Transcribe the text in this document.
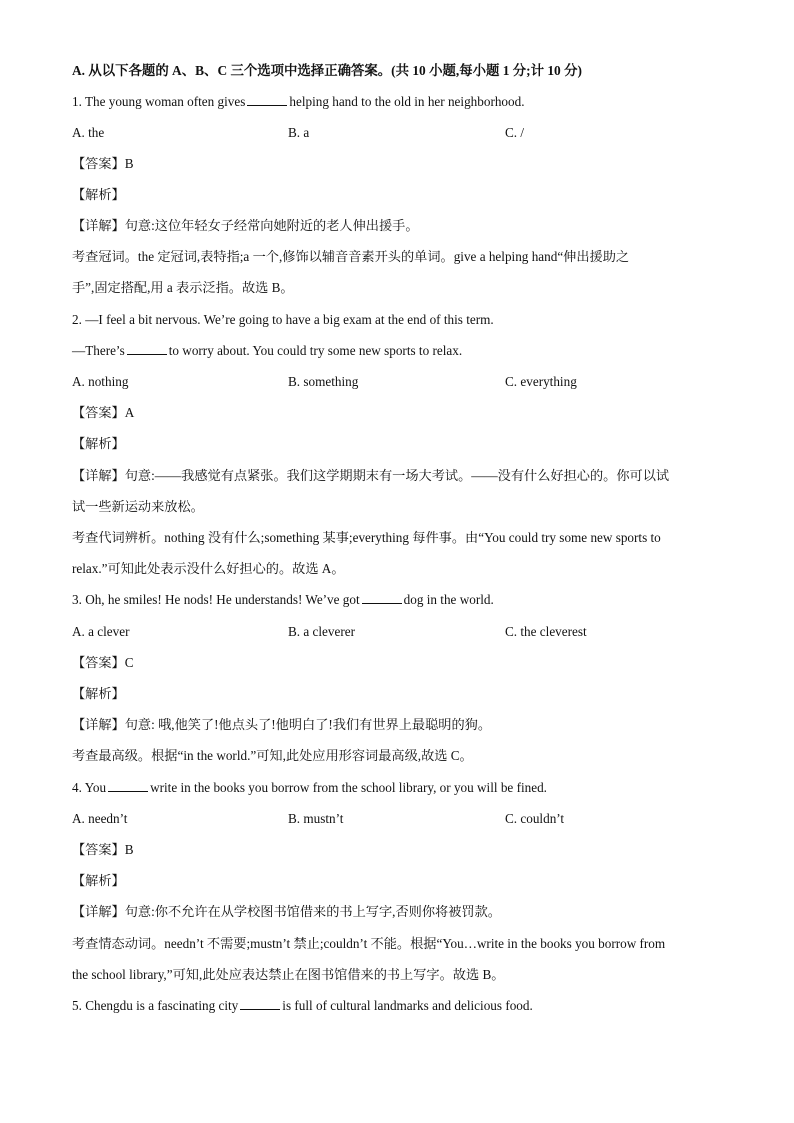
A. 从以下各题的 A、B、C 三个选项中选择正确答案。(共 10 小题,每小题 1 分;计 10 分)
1. The young woman often gives	helping hand to the old in her neighborhood.
A. the	B. a	C. /
【答案】B
【解析】
【详解】句意:这位年轻女子经常向她附近的老人伸出援手。
考查冠词。the 定冠词,表特指;a 一个,修饰以辅音音素开头的单词。give a helping hand“伸出援助之
手”,固定搭配,用 a 表示泛指。故选 B。
2. —I feel a bit nervous. We’re going to have a big exam at the end of this term.
—There’s	to worry about. You could try some new sports to relax.
A. nothing	B. something	C. everything
【答案】A
【解析】
【详解】句意:——我感觉有点紧张。我们这学期期末有一场大考试。——没有什么好担心的。你可以试
试一些新运动来放松。
考查代词辨析。nothing 没有什么;something 某事;everything 每件事。由“You could try some new sports to
relax.”可知此处表示没什么好担心的。故选 A。
3. Oh, he smiles! He nods! He understands! We’ve got	dog in the world.
A. a clever	B. a cleverer	C. the cleverest
【答案】C
【解析】
【详解】句意: 哦,他笑了!他点头了!他明白了!我们有世界上最聪明的狗。
考查最高级。根据“in the world.”可知,此处应用形容词最高级,故选 C。
4. You	write in the books you borrow from the school library, or you will be fined.
A. needn’t	B. mustn’t	C. couldn’t
【答案】B
【解析】
【详解】句意:你不允许在从学校图书馆借来的书上写字,否则你将被罚款。
考查情态动词。needn’t 不需要;mustn’t 禁止;couldn’t 不能。根据“You…write in the books you borrow from
the school library,”可知,此处应表达禁止在图书馆借来的书上写字。故选 B。
5. Chengdu is a fascinating city	is full of cultural landmarks and delicious food.
